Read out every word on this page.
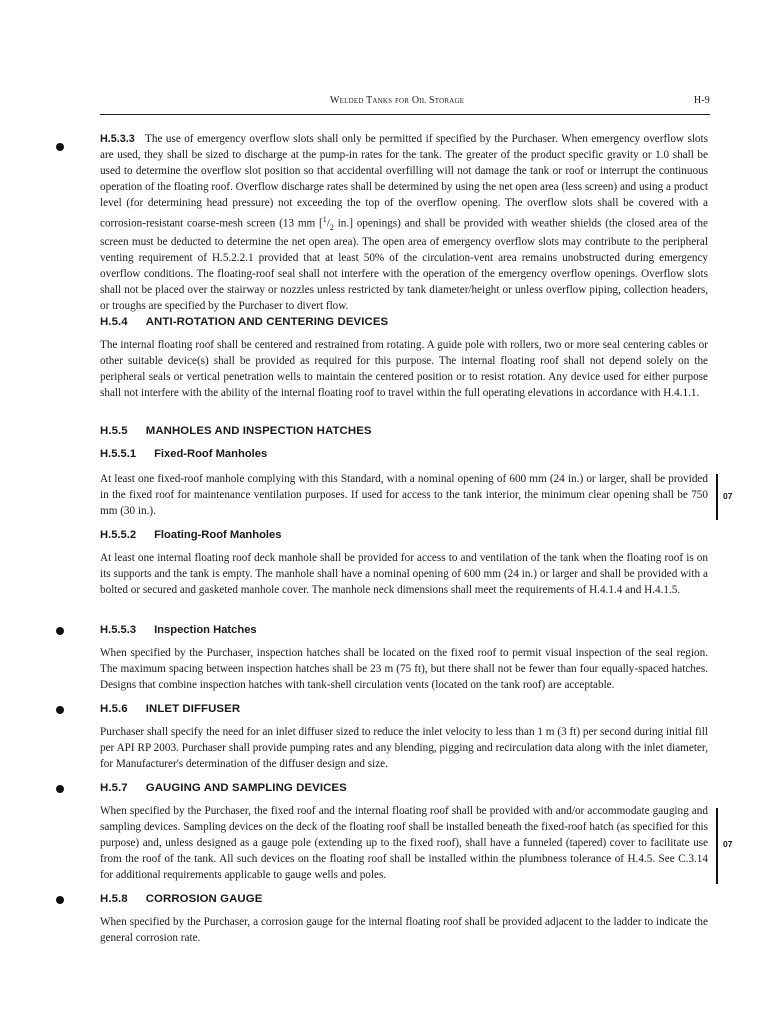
Welded Tanks for Oil Storage	H-9
H.5.3.3 The use of emergency overflow slots shall only be permitted if specified by the Purchaser. When emergency overflow slots are used, they shall be sized to discharge at the pump-in rates for the tank. The greater of the product specific gravity or 1.0 shall be used to determine the overflow slot position so that accidental overfilling will not damage the tank or roof or interrupt the continuous operation of the floating roof. Overflow discharge rates shall be determined by using the net open area (less screen) and using a product level (for determining head pressure) not exceeding the top of the overflow opening. The overflow slots shall be covered with a corrosion-resistant coarse-mesh screen (13 mm [$^1/_2$ in.] openings) and shall be provided with weather shields (the closed area of the screen must be deducted to determine the net open area). The open area of emergency overflow slots may contribute to the peripheral venting requirement of H.5.2.2.1 provided that at least 50% of the circulation-vent area remains unobstructed during emergency overflow conditions. The floating-roof seal shall not interfere with the operation of the emergency overflow openings. Overflow slots shall not be placed over the stairway or nozzles unless restricted by tank diameter/height or unless overflow piping, collection headers, or troughs are specified by the Purchaser to divert flow.
H.5.4 ANTI-ROTATION AND CENTERING DEVICES
The internal floating roof shall be centered and restrained from rotating. A guide pole with rollers, two or more seal centering cables or other suitable device(s) shall be provided as required for this purpose. The internal floating roof shall not depend solely on the peripheral seals or vertical penetration wells to maintain the centered position or to resist rotation. Any device used for either purpose shall not interfere with the ability of the internal floating roof to travel within the full operating elevations in accordance with H.4.1.1.
H.5.5 MANHOLES AND INSPECTION HATCHES
H.5.5.1 Fixed-Roof Manholes
At least one fixed-roof manhole complying with this Standard, with a nominal opening of 600 mm (24 in.) or larger, shall be provided in the fixed roof for maintenance ventilation purposes. If used for access to the tank interior, the minimum clear opening shall be 750 mm (30 in.).
07
H.5.5.2 Floating-Roof Manholes
At least one internal floating roof deck manhole shall be provided for access to and ventilation of the tank when the floating roof is on its supports and the tank is empty. The manhole shall have a nominal opening of 600 mm (24 in.) or larger and shall be provided with a bolted or secured and gasketed manhole cover. The manhole neck dimensions shall meet the requirements of H.4.1.4 and H.4.1.5.
H.5.5.3 Inspection Hatches
When specified by the Purchaser, inspection hatches shall be located on the fixed roof to permit visual inspection of the seal region. The maximum spacing between inspection hatches shall be 23 m (75 ft), but there shall not be fewer than four equally-spaced hatches. Designs that combine inspection hatches with tank-shell circulation vents (located on the tank roof) are acceptable.
H.5.6 INLET DIFFUSER
Purchaser shall specify the need for an inlet diffuser sized to reduce the inlet velocity to less than 1 m (3 ft) per second during initial fill per API RP 2003. Purchaser shall provide pumping rates and any blending, pigging and recirculation data along with the inlet diameter, for Manufacturer's determination of the diffuser design and size.
H.5.7 GAUGING AND SAMPLING DEVICES
When specified by the Purchaser, the fixed roof and the internal floating roof shall be provided with and/or accommodate gauging and sampling devices. Sampling devices on the deck of the floating roof shall be installed beneath the fixed-roof hatch (as specified for this purpose) and, unless designed as a gauge pole (extending up to the fixed roof), shall have a funneled (tapered) cover to facilitate use from the roof of the tank. All such devices on the floating roof shall be installed within the plumbness tolerance of H.4.5. See C.3.14 for additional requirements applicable to gauge wells and poles.
07
H.5.8 CORROSION GAUGE
When specified by the Purchaser, a corrosion gauge for the internal floating roof shall be provided adjacent to the ladder to indicate the general corrosion rate.
